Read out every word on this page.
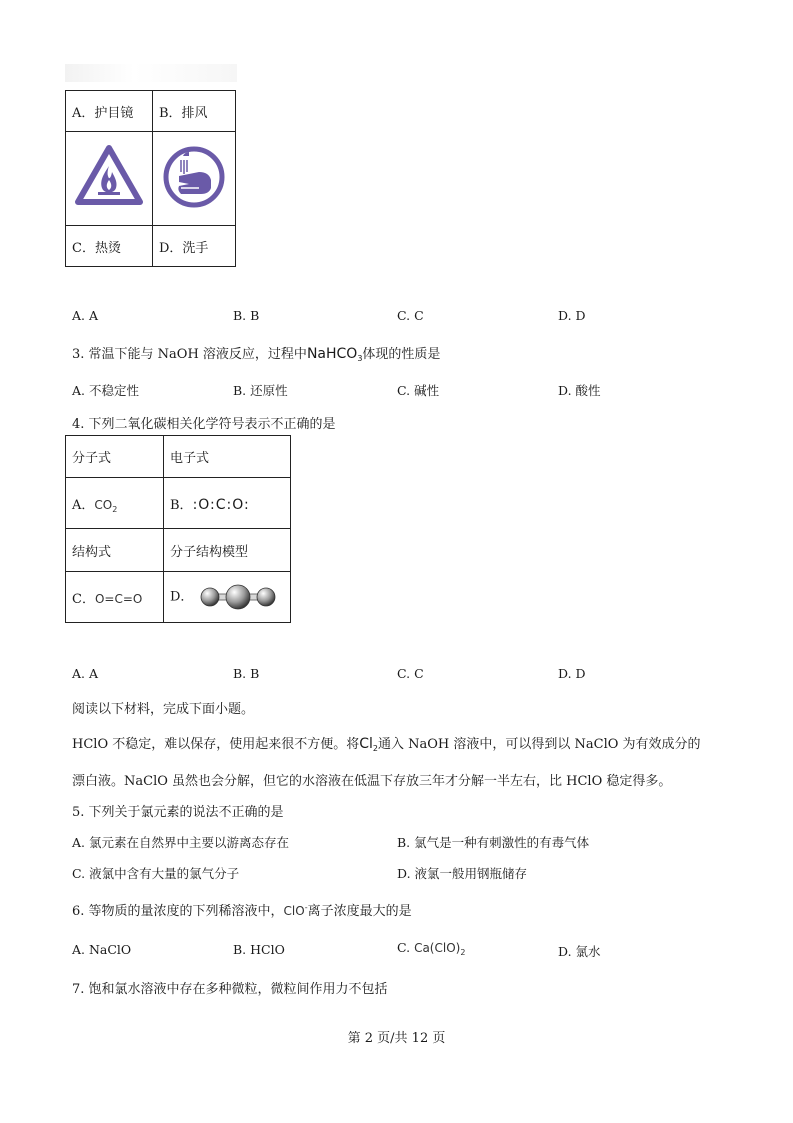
A．护目镜	B．排风

C．热烫	D．洗手
A. A	B. B	C. C	D. D
3. 常温下能与 NaOH 溶液反应，过程中NaHCO$_3$体现的性质是
A. 不稳定性	B. 还原性	C. 碱性	D. 酸性
4. 下列二氧化碳相关化学符号表示不正确的是
分子式	电子式
A．$CO_2$	B．:O:C:O:
结构式	分子结构模型
C．O=C=O	D．
A. A	B. B	C. C	D. D
阅读以下材料，完成下面小题。
HClO 不稳定，难以保存，使用起来很不方便。将$Cl_2$通入 NaOH 溶液中，可以得到以 NaClO 为有效成分的
漂白液。NaClO 虽然也会分解，但它的水溶液在低温下存放三年才分解一半左右，比 HClO 稳定得多。
5. 下列关于氯元素的说法不正确的是
A. 氯元素在自然界中主要以游离态存在	B. 氯气是一种有刺激性的有毒气体
C. 液氯中含有大量的氯气分子	D. 液氯一般用钢瓶储存
6. 等物质的量浓度的下列稀溶液中，ClO-离子浓度最大的是
A. NaClO	B. HClO	C. $Ca(ClO)_2$	D. 氯水
7. 饱和氯水溶液中存在多种微粒，微粒间作用力不包括
第 2 页/共 12 页
